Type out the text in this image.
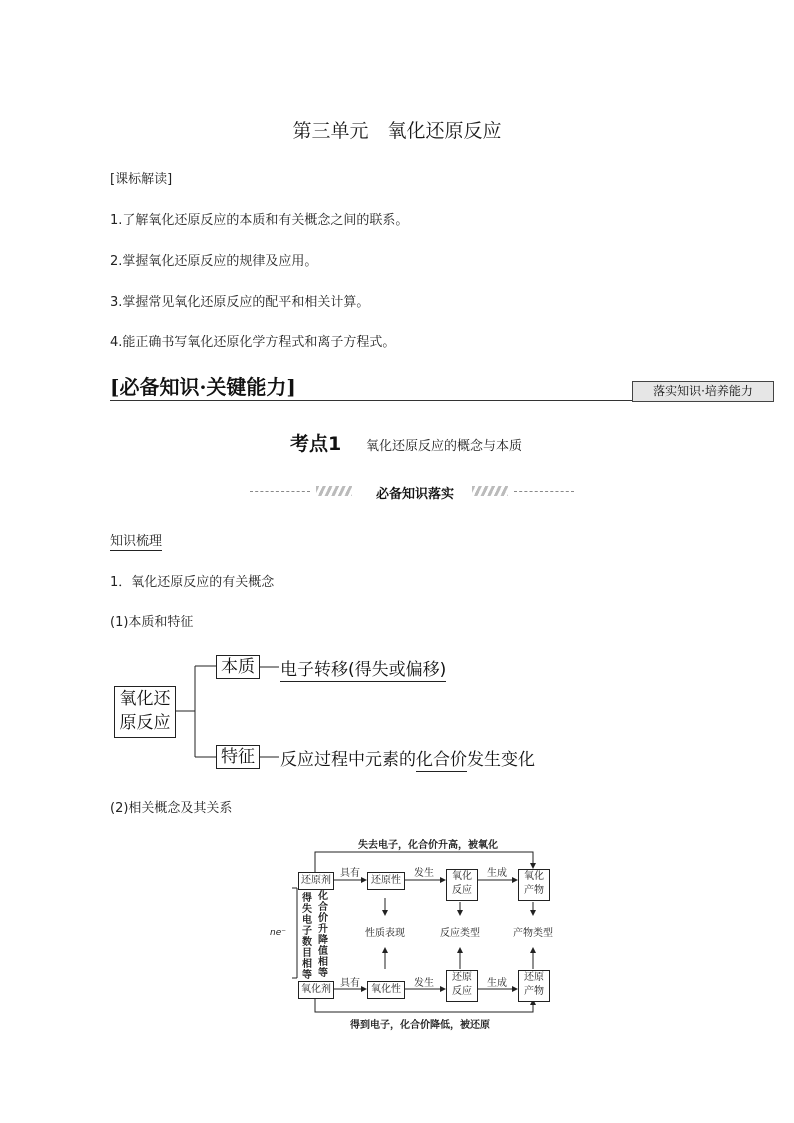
第三单元　氧化还原反应
[课标解读]
1.了解氧化还原反应的本质和有关概念之间的联系。
2.掌握氧化还原反应的规律及应用。
3.掌握常见氧化还原反应的配平和相关计算。
4.能正确书写氧化还原化学方程式和离子方程式。
[必备知识·关键能力]	落实知识·培养能力
考点1 氧化还原反应的概念与本质
必备知识落实
知识梳理
1．氧化还原反应的有关概念
(1)本质和特征
氧化还
原反应
本质 电子转移(得失或偏移)
特征 反应过程中元素的化合价发生变化
(2)相关概念及其关系
失去电子，化合价升高，被氧化
得到电子，化合价降低，被还原
还原剂
氧化剂
还原性
氧化性
氧化
反应
还原
反应
氧化
产物
还原
产物
具有	发生	生成
具有	发生	生成
性质表现	反应类型	产物类型
得失电子数目相等
化合价升降值相等
ne⁻
